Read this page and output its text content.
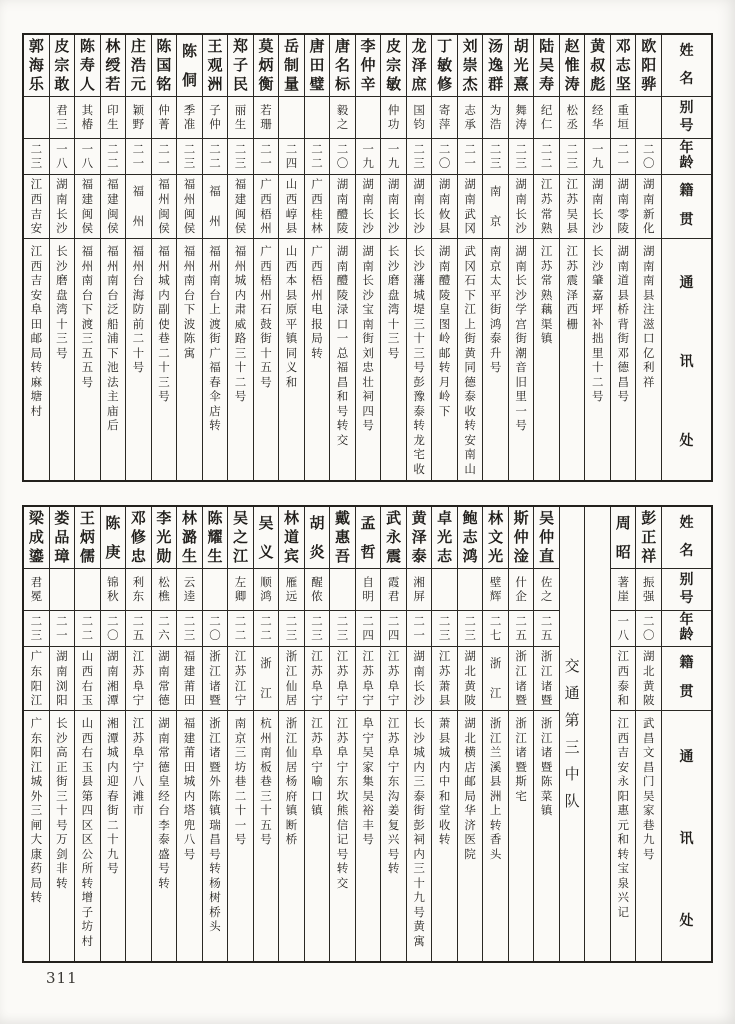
姓名
别号
年龄
籍贯
通讯处
欧阳骅
二〇
湖南新化
湖南南县注滋口亿利祥
邓志坚
重垣
二一
湖南零陵
湖南道县桥背街邓德昌号
黄叔彪
经华
一九
湖南长沙
长沙肇嘉坪补拙里十二号
赵惟涛
松丞
二三
江苏吴县
江苏震泽西栅
陆吴寿
纪仁
二二
江苏常熟
江苏常熟藕渠镇
胡光熹
舞涛
二三
湖南长沙
湖南长沙学宫街潮音旧里一号
汤逸群
为浩
二三
南京
南京太平街鸿泰升号
刘崇杰
志承
二一
湖南武冈
武冈石下江上街黄同德泰收转安南山
丁敏修
寄萍
二〇
湖南攸县
湖南醴陵皇图岭邮转月岭下
龙泽庶
国钧
二三
湖南长沙
长沙藩城堤三十三号彭豫泰转龙宅收
皮宗敏
仲功
一九
湖南长沙
长沙磨盘湾十三号
李仲辛
一九
湖南长沙
湖南长沙宝南街刘忠壮祠四号
唐名标
毅之
二〇
湖南醴陵
湖南醴陵渌口一总福昌和号转交
唐田璧
二二
广西桂林
广西梧州电报局转
岳制量
二四
山西崞县
山西本县原平镇同义和
莫炳衡
若珊
二一
广西梧州
广西梧州石鼓街十五号
郑子民
丽生
二三
福建闽侯
福州城内肃威路三十二号
王观洲
子仲
二二
福州
福州南台上渡街广福春伞店转
陈侗
季准
二三
福州闽侯
福州南台下波陈寓
陈国铭
仲菁
二一
福州闽侯
福州城内副使巷二十三号
庄浩元
颖野
二一
福州
福州台海防前二十号
林绶若
印生
二二
福建闽侯
福州南台泛船浦下池法主庙后
陈寿人
其椿
一八
福建闽侯
福州南台下渡三五五号
皮宗敢
君三
一八
湖南长沙
长沙磨盘湾十三号
郭海乐
二三
江西吉安
江西吉安阜田邮局转麻塘村
姓名
别号
年龄
籍贯
通讯处
彭正祥
振强
二〇
湖北黄陂
武昌文昌门吴家巷九号
周昭
著崖
一八
江西泰和
江西吉安永阳惠元和转宝泉兴记
交通第三中队
吴仲直
佐之
二五
浙江诸暨
浙江诸暨陈菜镇
斯仲淦
什企
二五
浙江诸暨
浙江诸暨斯宅
林文光
壁辉
二七
浙江
浙江兰溪县洲上转香头
鲍志鸿
二三
湖北黄陂
湖北横店邮局华济医院
卓光志
二三
江苏萧县
萧县城内中和堂收转
黄泽泰
湘屏
二一
湖南长沙
长沙城内三泰街彭祠内三十九号黄寓
武永震
霞君
二四
江苏阜宁
江苏阜宁东沟姜复兴号转
孟哲
自明
二四
江苏阜宁
阜宁吴家集吴裕丰号
戴惠吾
二三
江苏阜宁
江苏阜宁东坎熊信记号转交
胡炎
醒侬
二三
江苏阜宁
江苏阜宁喻口镇
林道宾
雁远
二三
浙江仙居
浙江仙居杨府镇断桥
吴义
顺鸿
二二
浙江
杭州南板巷三十五号
吴之江
左卿
二二
江苏江宁
南京三坊巷二十一号
陈耀生
二〇
浙江诸暨
浙江诸暨外陈镇瑞昌号转杨树桥头
林潞生
云逵
二三
福建莆田
福建莆田城内塔兜八号
李光勋
松樵
二六
湖南常德
湖南常德皇经台李泰盛号转
邓修忠
利东
二五
江苏阜宁
江苏阜宁八滩市
陈庚
锦秋
二〇
湖南湘潭
湘潭城内迎春街二十九号
王炳儒
二二
山西右玉
山西右玉县第四区区公所转增子坊村
娄品璋
二一
湖南浏阳
长沙高正街三十号万剑非转
梁成鎏
君冕
二三
广东阳江
广东阳江城外三闸大康药局转
311
